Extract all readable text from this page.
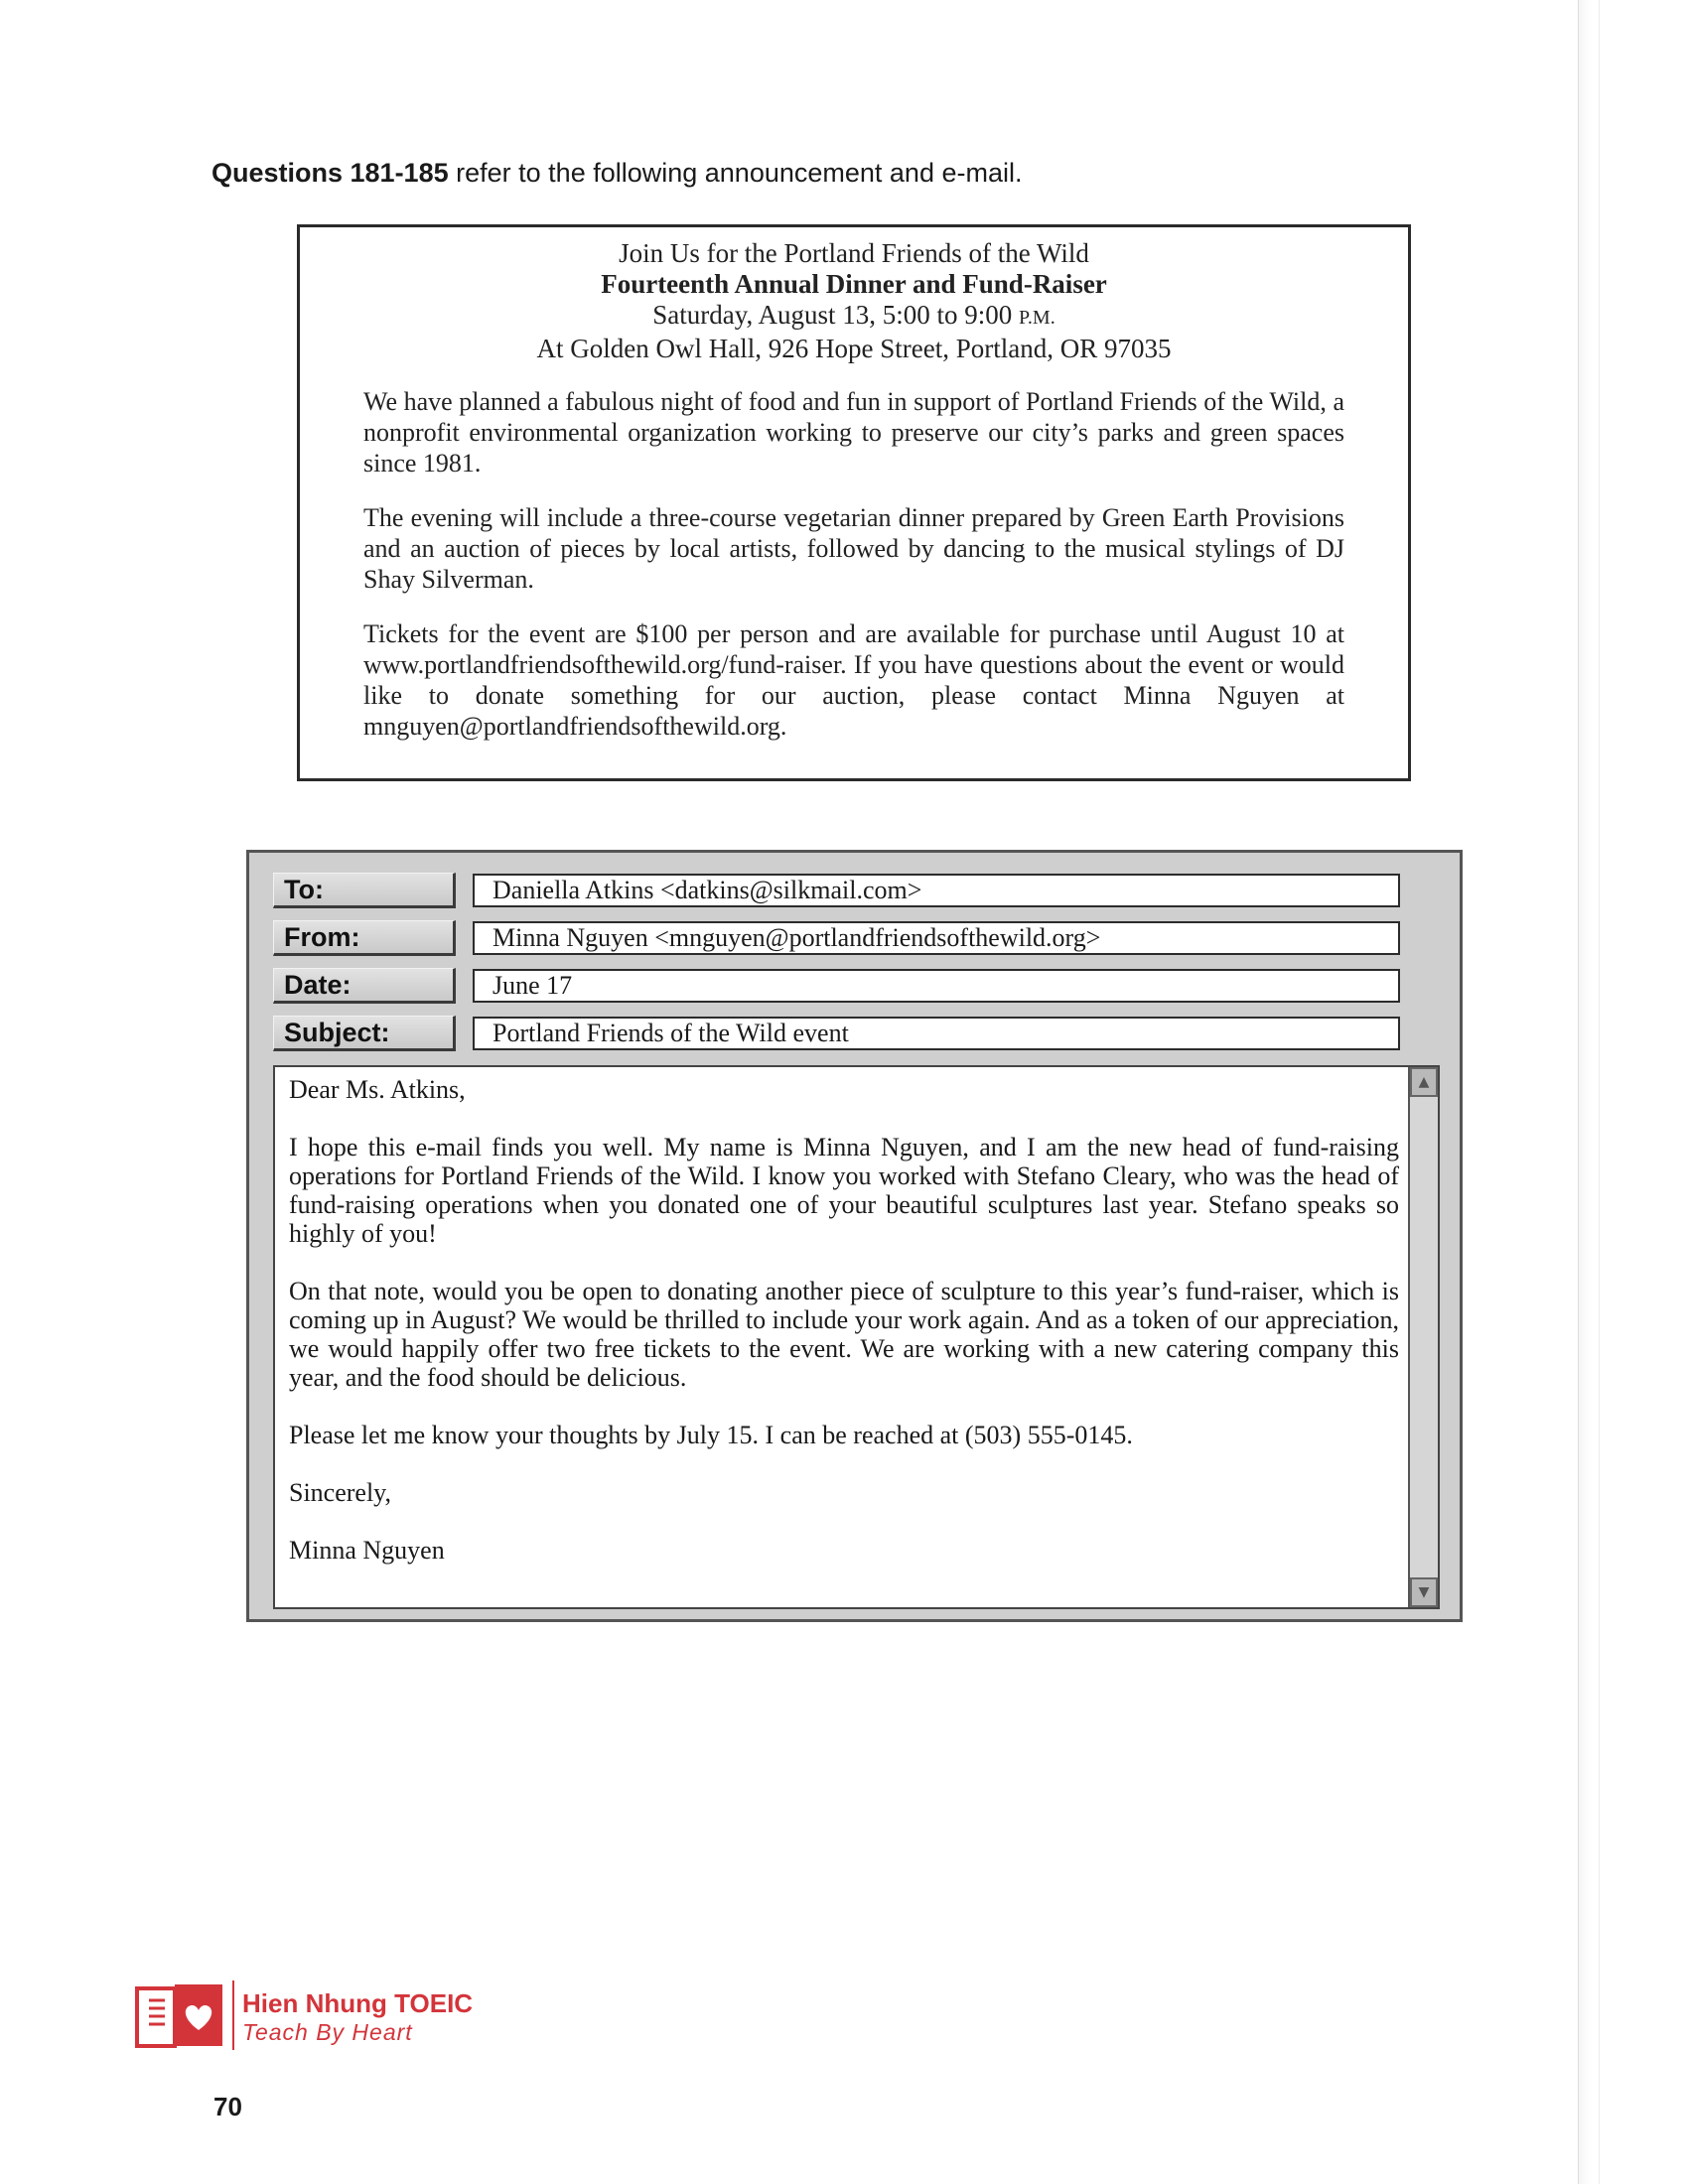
Questions 181-185 refer to the following announcement and e-mail.
Join Us for the Portland Friends of the Wild
Fourteenth Annual Dinner and Fund-Raiser
Saturday, August 13, 5:00 to 9:00 P.M.
At Golden Owl Hall, 926 Hope Street, Portland, OR 97035

We have planned a fabulous night of food and fun in support of Portland Friends of the Wild, a nonprofit environmental organization working to preserve our city’s parks and green spaces since 1981.

The evening will include a three-course vegetarian dinner prepared by Green Earth Provisions and an auction of pieces by local artists, followed by dancing to the musical stylings of DJ Shay Silverman.

Tickets for the event are $100 per person and are available for purchase until August 10 at www.portlandfriendsofthewild.org/fund-raiser. If you have questions about the event or would like to donate something for our auction, please contact Minna Nguyen at mnguyen@portlandfriendsofthewild.org.

To:	Daniella Atkins <datkins@silkmail.com>
From:	Minna Nguyen <mnguyen@portlandfriendsofthewild.org>
Date:	June 17
Subject:	Portland Friends of the Wild event

Dear Ms. Atkins,

I hope this e-mail finds you well. My name is Minna Nguyen, and I am the new head of fund-raising operations for Portland Friends of the Wild. I know you worked with Stefano Cleary, who was the head of fund-raising operations when you donated one of your beautiful sculptures last year. Stefano speaks so highly of you!

On that note, would you be open to donating another piece of sculpture to this year’s fund-raiser, which is coming up in August? We would be thrilled to include your work again. And as a token of our appreciation, we would happily offer two free tickets to the event. We are working with a new catering company this year, and the food should be delicious.

Please let me know your thoughts by July 15. I can be reached at (503) 555-0145.

Sincerely,

Minna Nguyen

▲
▼
Hien Nhung TOEIC
Teach By Heart
70
